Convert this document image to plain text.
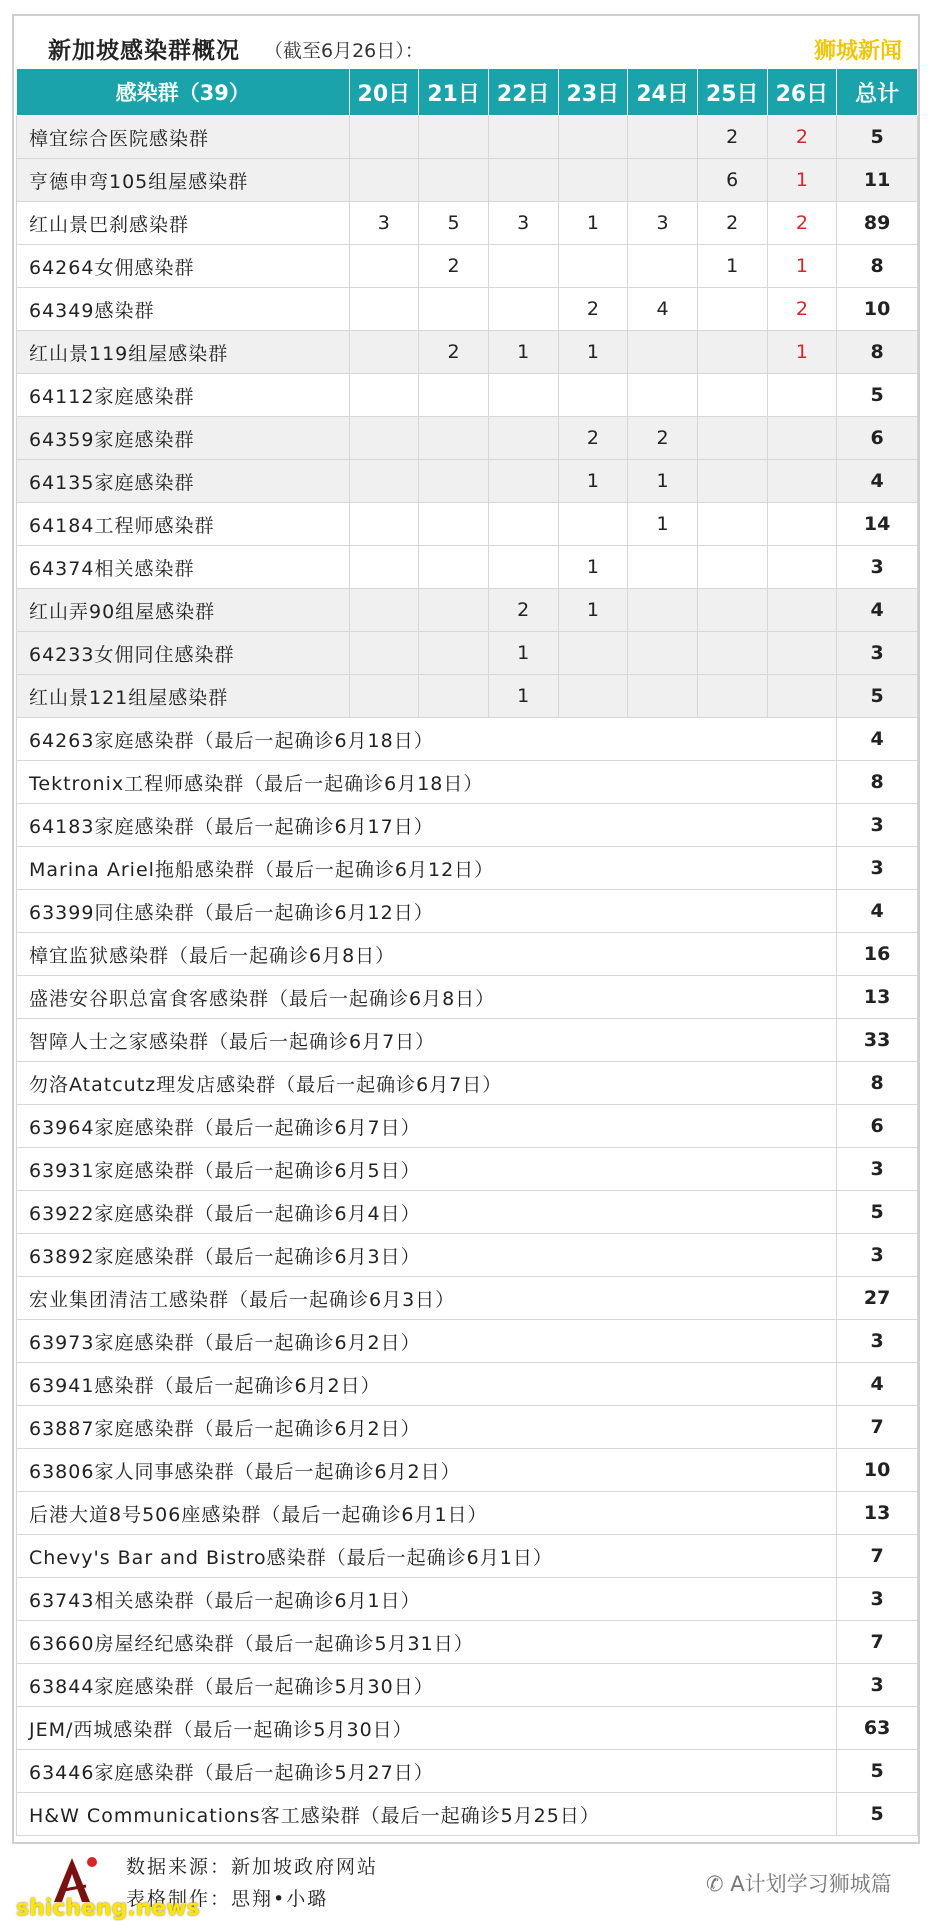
新加坡感染群概况 （截至6月26日）：	狮城新闻
感染群（39）	20日	21日	22日	23日	24日	25日	26日	总计
樟宜综合医院感染群						2	2	5
亨德申弯105组屋感染群						6	1	11
红山景巴刹感染群	3	5	3	1	3	2	2	89
64264女佣感染群		2				1	1	8
64349感染群				2	4		2	10
红山景119组屋感染群		2	1	1			1	8
64112家庭感染群								5
64359家庭感染群				2	2			6
64135家庭感染群				1	1			4
64184工程师感染群					1			14
64374相关感染群				1				3
红山弄90组屋感染群			2	1				4
64233女佣同住感染群			1					3
红山景121组屋感染群			1					5
64263家庭感染群（最后一起确诊6月18日）								4
Tektronix工程师感染群（最后一起确诊6月18日）								8
64183家庭感染群（最后一起确诊6月17日）								3
Marina Ariel拖船感染群（最后一起确诊6月12日）								3
63399同住感染群（最后一起确诊6月12日）								4
樟宜监狱感染群（最后一起确诊6月8日）								16
盛港安谷职总富食客感染群（最后一起确诊6月8日）								13
智障人士之家感染群（最后一起确诊6月7日）								33
勿洛Atatcutz理发店感染群（最后一起确诊6月7日）								8
63964家庭感染群（最后一起确诊6月7日）								6
63931家庭感染群（最后一起确诊6月5日）								3
63922家庭感染群（最后一起确诊6月4日）								5
63892家庭感染群（最后一起确诊6月3日）								3
宏业集团清洁工感染群（最后一起确诊6月3日）								27
63973家庭感染群（最后一起确诊6月2日）								3
63941感染群（最后一起确诊6月2日）								4
63887家庭感染群（最后一起确诊6月2日）								7
63806家人同事感染群（最后一起确诊6月2日）								10
后港大道8号506座感染群（最后一起确诊6月1日）								13
Chevy's Bar and Bistro感染群（最后一起确诊6月1日）								7
63743相关感染群（最后一起确诊6月1日）								3
63660房屋经纪感染群（最后一起确诊5月31日）								7
63844家庭感染群（最后一起确诊5月30日）								3
JEM/西城感染群（最后一起确诊5月30日）								63
63446家庭感染群（最后一起确诊5月27日）								5
H&W Communications客工感染群（最后一起确诊5月25日）								5
数据来源：新加坡政府网站
表格制作：思翔•小璐
✆ A计划学习狮城篇
shicheng.news
